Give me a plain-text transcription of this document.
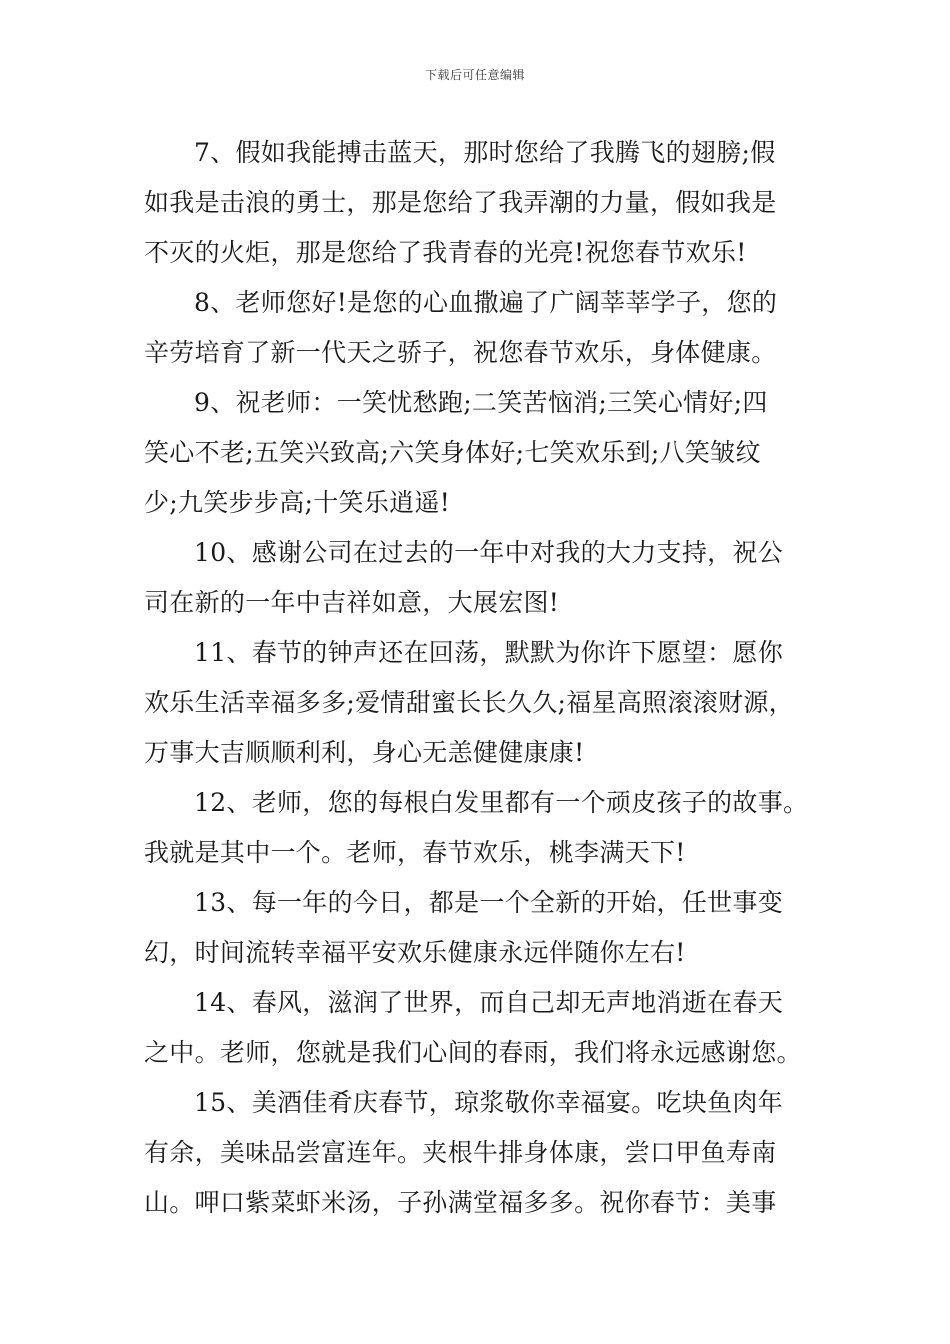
下载后可任意编辑

7、假如我能搏击蓝天，那时您给了我腾飞的翅膀;假
如我是击浪的勇士，那是您给了我弄潮的力量，假如我是
不灭的火炬，那是您给了我青春的光亮!祝您春节欢乐!

8、老师您好!是您的心血撒遍了广阔莘莘学子，您的
辛劳培育了新一代天之骄子，祝您春节欢乐，身体健康。

9、祝老师：一笑忧愁跑;二笑苦恼消;三笑心情好;四
笑心不老;五笑兴致高;六笑身体好;七笑欢乐到;八笑皱纹
少;九笑步步高;十笑乐逍遥!

10、感谢公司在过去的一年中对我的大力支持，祝公
司在新的一年中吉祥如意，大展宏图!

11、春节的钟声还在回荡，默默为你许下愿望：愿你
欢乐生活幸福多多;爱情甜蜜长长久久;福星高照滚滚财源，
万事大吉顺顺利利，身心无恙健健康康!

12、老师，您的每根白发里都有一个顽皮孩子的故事。
我就是其中一个。老师，春节欢乐，桃李满天下!

13、每一年的今日，都是一个全新的开始，任世事变
幻，时间流转幸福平安欢乐健康永远伴随你左右!

14、春风，滋润了世界，而自己却无声地消逝在春天
之中。老师，您就是我们心间的春雨，我们将永远感谢您。

15、美酒佳肴庆春节，琼浆敬你幸福宴。吃块鱼肉年
有余，美味品尝富连年。夹根牛排身体康，尝口甲鱼寿南
山。呷口紫菜虾米汤，子孙满堂福多多。祝你春节：美事
